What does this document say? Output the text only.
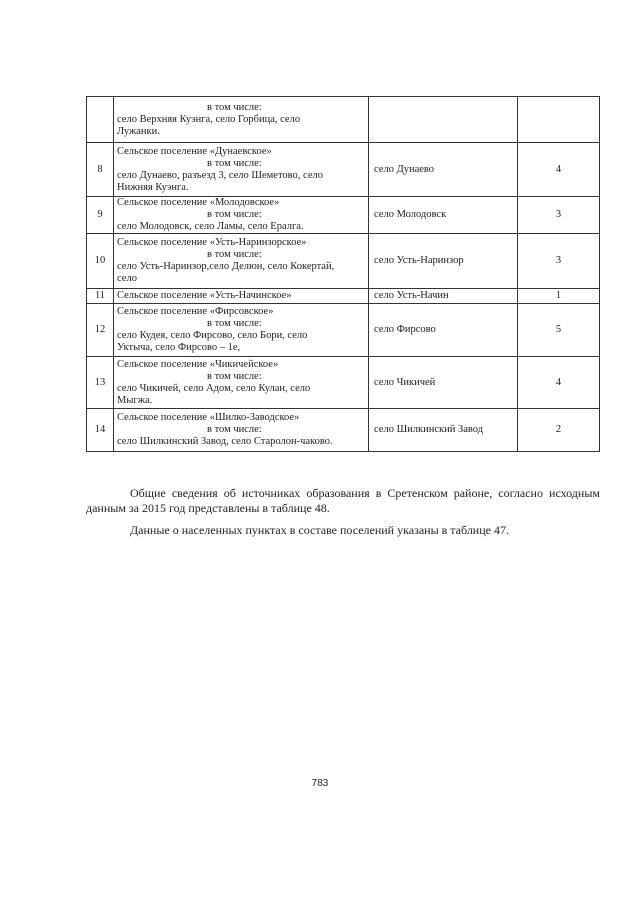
	в том числе:
село Верхняя Куэнга, село Горбица, село
Лужанки.		

8	Сельское поселение «Дунаевское»
в том числе:
село Дунаево, разъезд 3, село Шеметово, село
Нижняя Куэнга.	село Дунаево	4
9	Сельское поселение «Молодовское»
в том числе:
село Молодовск, село Ламы, село Ералга.	село Молодовск	3
10	Сельское поселение «Усть-Наринзорское»
в том числе:
село Усть-Наринзор,село Делюн, село Кокертай,
село	село Усть-Наринзор	3
11	Сельское поселение «Усть-Начинское»	село Усть-Начин	1
12	Сельское поселение «Фирсовское»
в том числе:
село Кудея, село Фирсово, село Бори, село
Уктыча, село Фирсово – 1е,	село Фирсово	5
13	Сельское поселение «Чикичейское»
в том числе:
село Чикичей, село Адом, село Кулан, село
Мыгжа.	село Чикичей	4
14	Сельское поселение «Шилко-Заводское»
в том числе:
село Шилкинский Завод, село Старолон-чаково.	село Шилкинский Завод	2

Общие сведения об источниках образования в Сретенском районе, согласно исходным данным за 2015 год представлены в таблице 48.

Данные о населенных пунктах в составе поселений указаны в таблице 47.

783
